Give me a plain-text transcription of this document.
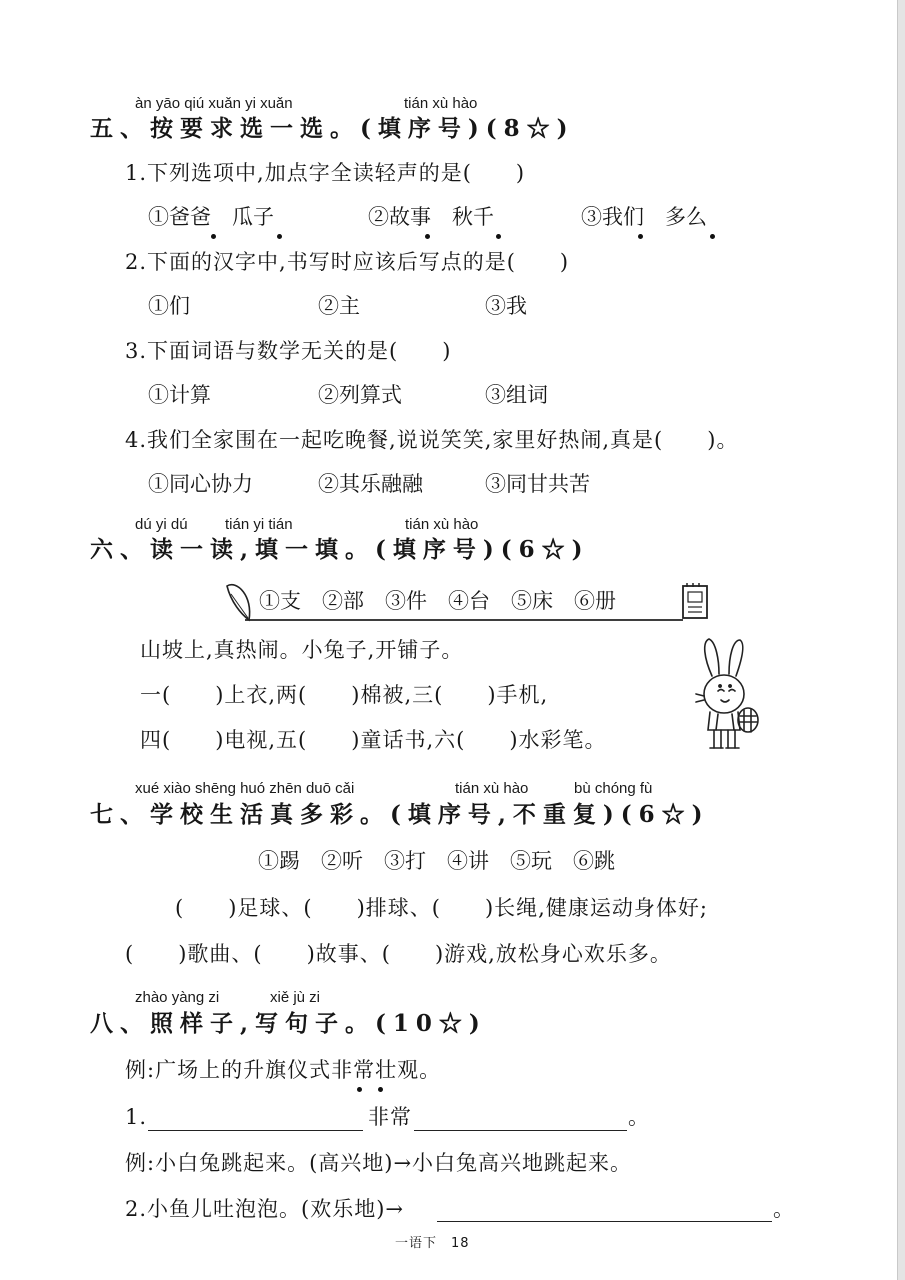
àn yāo qiú xuǎn yi xuǎn	tián xù hào
五、按要求选一选。(填序号)(8☆)
1.下列选项中,加点字全读轻声的是(　　)
①爸爸　瓜子	②故事　秋千	③我们　多么
2.下面的汉字中,书写时应该后写点的是(　　)
①们	②主	③我
3.下面词语与数学无关的是(　　)
①计算	②列算式	③组词
4.我们全家围在一起吃晚餐,说说笑笑,家里好热闹,真是(　　)。
①同心协力	②其乐融融	③同甘共苦
dú yi dú tián yi tián	tián xù hào
六、读一读,填一填。(填序号)(6☆)
①支　②部　③件　④台　⑤床　⑥册
山坡上,真热闹。小兔子,开铺子。
一(　　)上衣,两(　　)棉被,三(　　)手机,
四(　　)电视,五(　　)童话书,六(　　)水彩笔。
xué xiào shēng huó zhēn duō cǎi	tián xù hào	bù chóng fù
七、学校生活真多彩。(填序号,不重复)(6☆)
①踢　②听　③打　④讲　⑤玩　⑥跳
(　　)足球、(　　)排球、(　　)长绳,健康运动身体好;
(　　)歌曲、(　　)故事、(　　)游戏,放松身心欢乐多。
zhào yàng zi	xiě jù zi
八、照样子,写句子。(10☆)
例:广场上的升旗仪式非常壮观。
1.	非常	。
例:小白兔跳起来。(高兴地)→小白兔高兴地跳起来。
2.小鱼儿吐泡泡。(欢乐地)→	。
一语下　18
